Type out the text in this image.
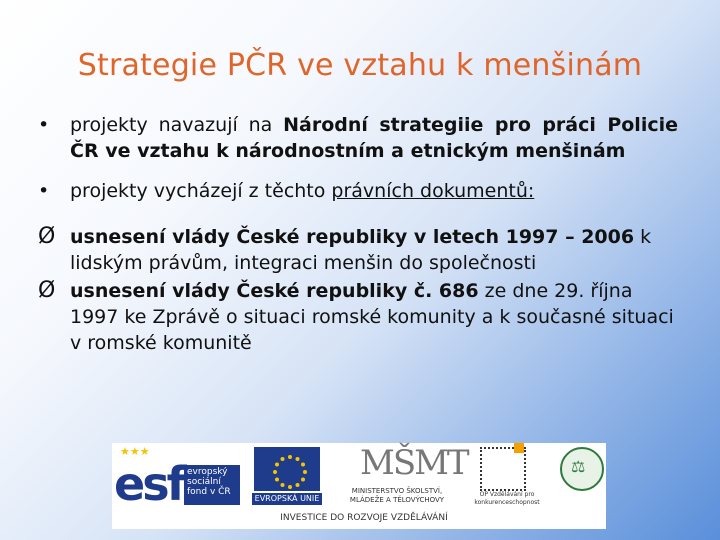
Strategie PČR ve vztahu k menšinám
• projekty navazují na Národní strategiie pro práci Policie ČR ve vztahu k národnostním a etnickým menšinám
• projekty vycházejí z těchto právních dokumentů:
Ø usnesení vlády České republiky v letech 1997 – 2006 k lidským právům, integraci menšin do společnosti
Ø usnesení vlády České republiky č. 686 ze dne 29. října 1997 ke Zprávě o situaci romské komunity a k současné situaci v romské komunitě
★★★
esf evropský sociální fond v ČR
EVROPSKÁ UNIE
MŠMT
MINISTERSTVO ŠKOLSTVÍ, MLÁDEŽE A TĚLOVÝCHOVY
OP Vzdělávání pro konkurenceschopnost
⚖
INVESTICE DO ROZVOJE VZDĚLÁVÁNÍ
